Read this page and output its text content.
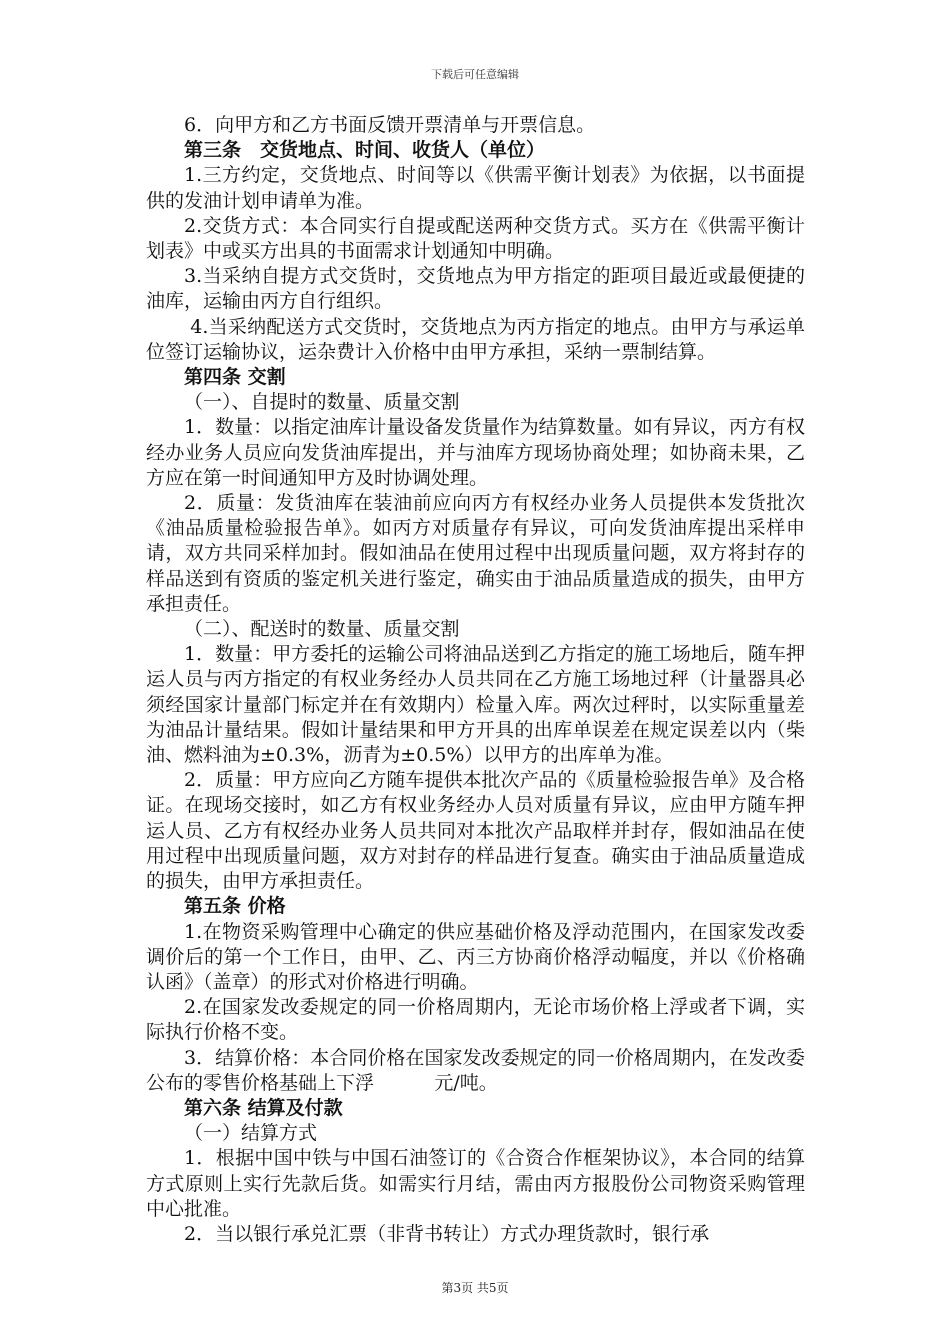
下载后可任意编辑

6．向甲方和乙方书面反馈开票清单与开票信息。

第三条　交货地点、时间、收货人（单位）

1.三方约定，交货地点、时间等以《供需平衡计划表》为依据，以书面提供的发油计划申请单为准。

2.交货方式：本合同实行自提或配送两种交货方式。买方在《供需平衡计划表》中或买方出具的书面需求计划通知中明确。

3.当采纳自提方式交货时，交货地点为甲方指定的距项目最近或最便捷的油库，运输由丙方自行组织。

4.当采纳配送方式交货时，交货地点为丙方指定的地点。由甲方与承运单位签订运输协议，运杂费计入价格中由甲方承担，采纳一票制结算。

第四条 交割

（一）、自提时的数量、质量交割

1．数量：以指定油库计量设备发货量作为结算数量。如有异议，丙方有权经办业务人员应向发货油库提出，并与油库方现场协商处理；如协商未果，乙方应在第一时间通知甲方及时协调处理。

2．质量：发货油库在装油前应向丙方有权经办业务人员提供本发货批次《油品质量检验报告单》。如丙方对质量存有异议，可向发货油库提出采样申请，双方共同采样加封。假如油品在使用过程中出现质量问题，双方将封存的样品送到有资质的鉴定机关进行鉴定，确实由于油品质量造成的损失，由甲方承担责任。

（二）、配送时的数量、质量交割

1．数量：甲方委托的运输公司将油品送到乙方指定的施工场地后，随车押运人员与丙方指定的有权业务经办人员共同在乙方施工场地过秤（计量器具必须经国家计量部门标定并在有效期内）检量入库。两次过秤时，以实际重量差为油品计量结果。假如计量结果和甲方开具的出库单误差在规定误差以内（柴油、燃料油为±0.3%，沥青为±0.5%）以甲方的出库单为准。

2．质量：甲方应向乙方随车提供本批次产品的《质量检验报告单》及合格证。在现场交接时，如乙方有权业务经办人员对质量有异议，应由甲方随车押运人员、乙方有权经办业务人员共同对本批次产品取样并封存，假如油品在使用过程中出现质量问题，双方对封存的样品进行复查。确实由于油品质量造成的损失，由甲方承担责任。

第五条 价格

1.在物资采购管理中心确定的供应基础价格及浮动范围内，在国家发改委调价后的第一个工作日，由甲、乙、丙三方协商价格浮动幅度，并以《价格确认函》（盖章）的形式对价格进行明确。

2.在国家发改委规定的同一价格周期内，无论市场价格上浮或者下调，实际执行价格不变。

3．结算价格：本合同价格在国家发改委规定的同一价格周期内，在发改委公布的零售价格基础上下浮          元/吨。

第六条 结算及付款

（一）结算方式

1．根据中国中铁与中国石油签订的《合资合作框架协议》，本合同的结算方式原则上实行先款后货。如需实行月结，需由丙方报股份公司物资采购管理中心批准。

2．当以银行承兑汇票（非背书转让）方式办理货款时，银行承

第3页 共5页
